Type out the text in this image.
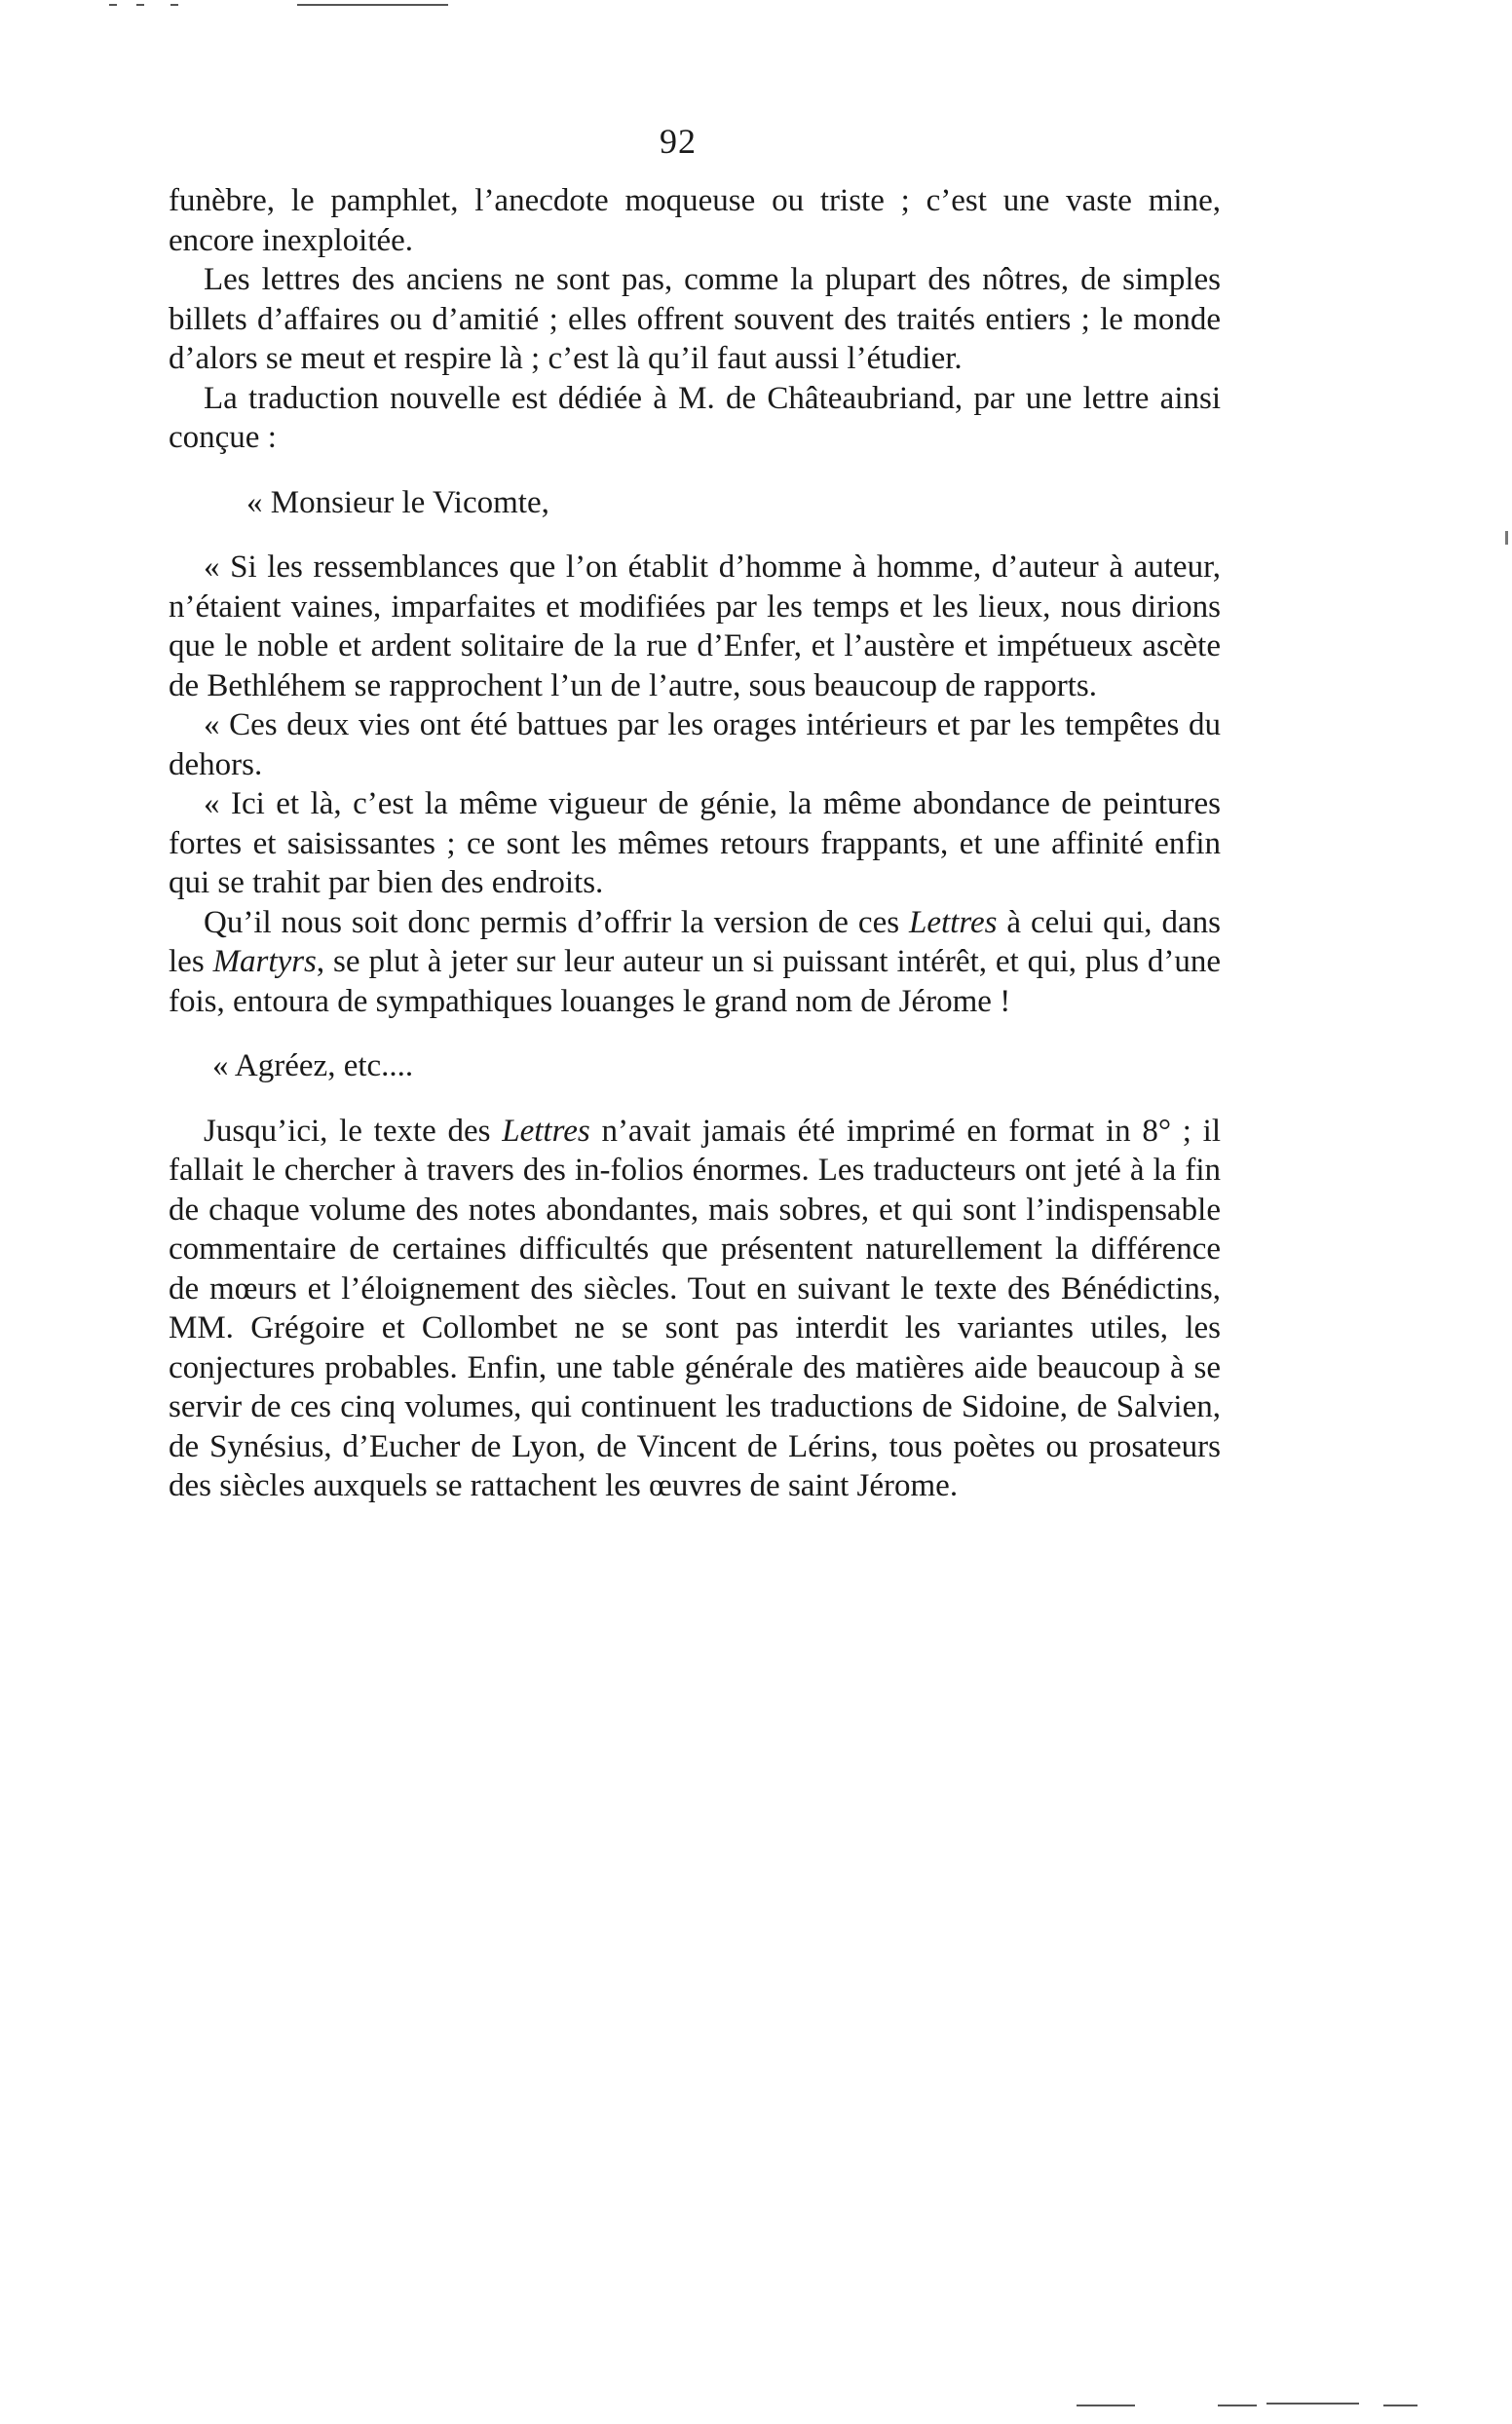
92

funèbre, le pamphlet, l’anecdote moqueuse ou triste ; c’est une vaste mine, encore inexploitée.

Les lettres des anciens ne sont pas, comme la plupart des nôtres, de simples billets d’affaires ou d’amitié ; elles offrent souvent des traités entiers ; le monde d’alors se meut et respire là ; c’est là qu’il faut aussi l’étudier.

La traduction nouvelle est dédiée à M. de Châteaubriand, par une lettre ainsi conçue :

« Monsieur le Vicomte,

« Si les ressemblances que l’on établit d’homme à homme, d’auteur à auteur, n’étaient vaines, imparfaites et modifiées par les temps et les lieux, nous dirions que le noble et ardent solitaire de la rue d’Enfer, et l’austère et impétueux ascète de Bethléhem se rapprochent l’un de l’autre, sous beaucoup de rapports.

« Ces deux vies ont été battues par les orages intérieurs et par les tempêtes du dehors.

« Ici et là, c’est la même vigueur de génie, la même abondance de peintures fortes et saisissantes ; ce sont les mêmes retours frappants, et une affinité enfin qui se trahit par bien des endroits.

Qu’il nous soit donc permis d’offrir la version de ces Lettres à celui qui, dans les Martyrs, se plut à jeter sur leur auteur un si puissant intérêt, et qui, plus d’une fois, entoura de sympathiques louanges le grand nom de Jérome !

« Agréez, etc....

Jusqu’ici, le texte des Lettres n’avait jamais été imprimé en format in 8° ; il fallait le chercher à travers des in-folios énormes. Les traducteurs ont jeté à la fin de chaque volume des notes abondantes, mais sobres, et qui sont l’indispensable commentaire de certaines difficultés que présentent naturellement la différence de mœurs et l’éloignement des siècles. Tout en suivant le texte des Bénédictins, MM. Grégoire et Collombet ne se sont pas interdit les variantes utiles, les conjectures probables. Enfin, une table générale des matières aide beaucoup à se servir de ces cinq volumes, qui continuent les traductions de Sidoine, de Salvien, de Synésius, d’Eucher de Lyon, de Vincent de Lérins, tous poètes ou prosateurs des siècles auxquels se rattachent les œuvres de saint Jérome.
